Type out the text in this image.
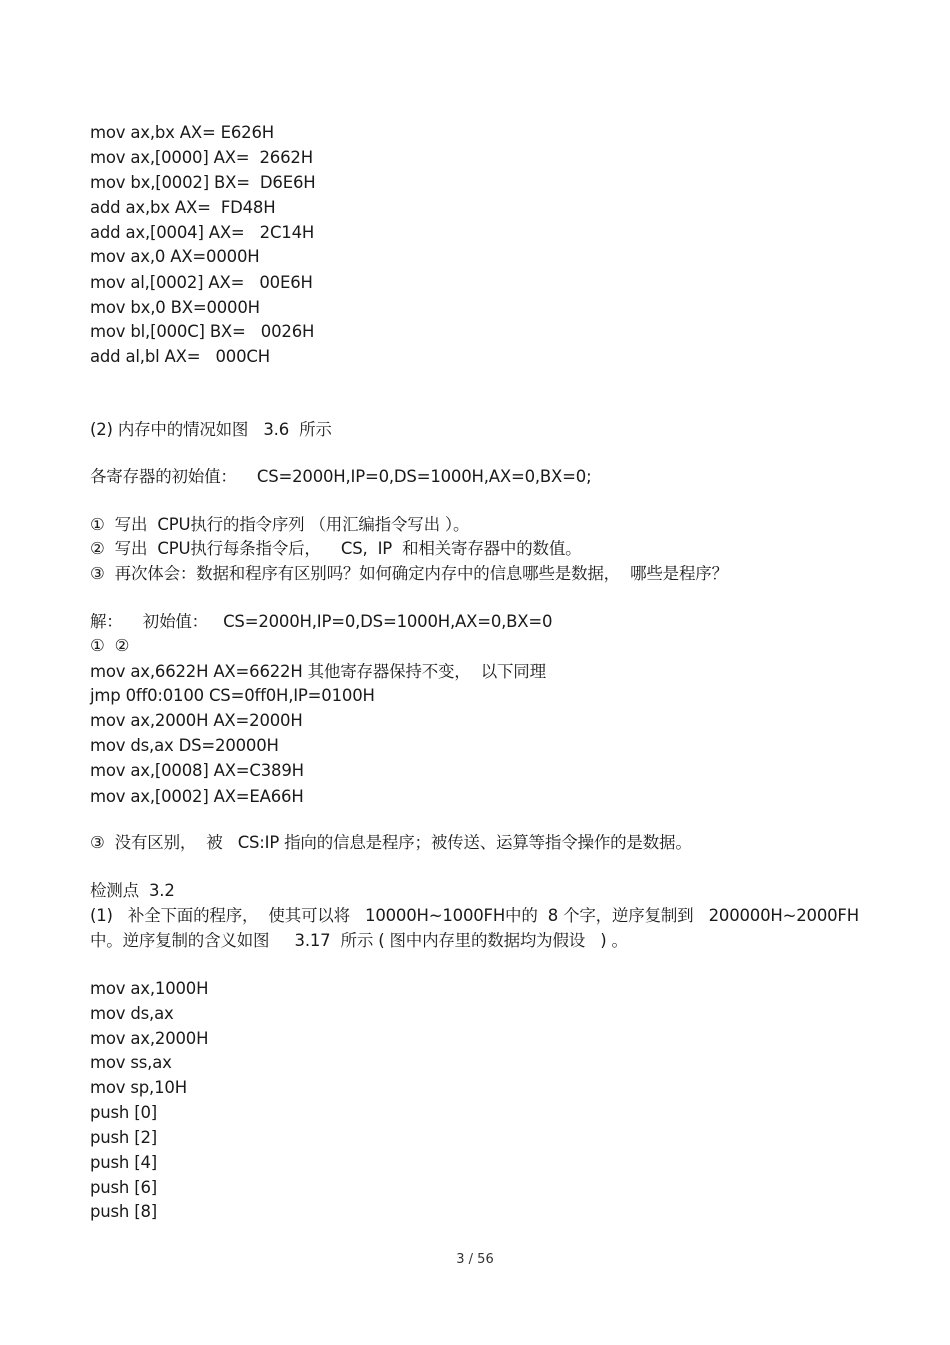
mov ax,bx AX= E626H
mov ax,[0000] AX=  2662H
mov bx,[0002] BX=  D6E6H
add ax,bx AX=  FD48H
add ax,[0004] AX=   2C14H
mov ax,0 AX=0000H
mov al,[0002] AX=   00E6H
mov bx,0 BX=0000H
mov bl,[000C] BX=   0026H
add al,bl AX=   000CH
(2) 内存中的情况如图   3.6  所示
各寄存器的初始值：    CS=2000H,IP=0,DS=1000H,AX=0,BX=0;
①  写出  CPU执行的指令序列 （用汇编指令写出 ）。
②  写出  CPU执行每条指令后，    CS,  IP  和相关寄存器中的数值。
③  再次体会：数据和程序有区别吗？如何确定内存中的信息哪些是数据，  哪些是程序？
解：    初始值：   CS=2000H,IP=0,DS=1000H,AX=0,BX=0
①  ②
mov ax,6622H AX=6622H 其他寄存器保持不变，  以下同理
jmp 0ff0:0100 CS=0ff0H,IP=0100H
mov ax,2000H AX=2000H
mov ds,ax DS=20000H
mov ax,[0008] AX=C389H
mov ax,[0002] AX=EA66H
③  没有区别，  被   CS:IP 指向的信息是程序；被传送、运算等指令操作的是数据。
检测点  3.2
(1)   补全下面的程序，  使其可以将   10000H~1000FH中的  8 个字，逆序复制到   200000H~2000FH
中。逆序复制的含义如图     3.17  所示 ( 图中内存里的数据均为假设   ) 。
mov ax,1000H
mov ds,ax
mov ax,2000H
mov ss,ax
mov sp,10H
push [0]
push [2]
push [4]
push [6]
push [8]
3 / 56
